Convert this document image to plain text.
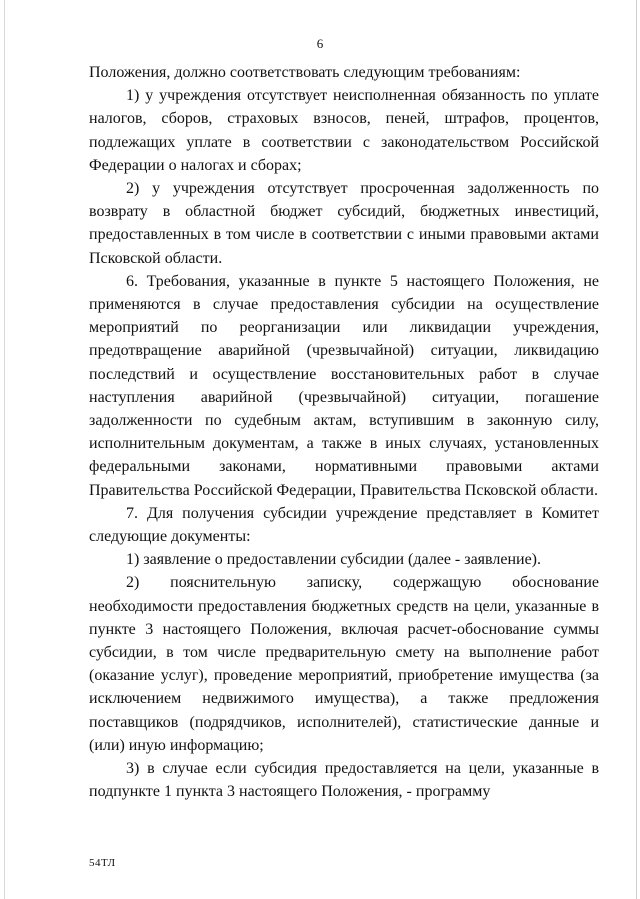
6

Положения, должно соответствовать следующим требованиям:

1) у учреждения отсутствует неисполненная обязанность по уплате налогов, сборов, страховых взносов, пеней, штрафов, процентов, подлежащих уплате в соответствии с законодательством Российской Федерации о налогах и сборах;

2) у учреждения отсутствует просроченная задолженность по возврату в областной бюджет субсидий, бюджетных инвестиций, предоставленных в том числе в соответствии с иными правовыми актами Псковской области.

6. Требования, указанные в пункте 5 настоящего Положения, не применяются в случае предоставления субсидии на осуществление мероприятий по реорганизации или ликвидации учреждения, предотвращение аварийной (чрезвычайной) ситуации, ликвидацию последствий и осуществление восстановительных работ в случае наступления аварийной (чрезвычайной) ситуации, погашение задолженности по судебным актам, вступившим в законную силу, исполнительным документам, а также в иных случаях, установленных федеральными законами, нормативными правовыми актами Правительства Российской Федерации, Правительства Псковской области.

7. Для получения субсидии учреждение представляет в Комитет следующие документы:

1) заявление о предоставлении субсидии (далее - заявление).

2) пояснительную записку, содержащую обоснование необходимости предоставления бюджетных средств на цели, указанные в пункте 3 настоящего Положения, включая расчет-обоснование суммы субсидии, в том числе предварительную смету на выполнение работ (оказание услуг), проведение мероприятий, приобретение имущества (за исключением недвижимого имущества), а также предложения поставщиков (подрядчиков, исполнителей), статистические данные и (или) иную информацию;

3) в случае если субсидия предоставляется на цели, указанные в подпункте 1 пункта 3 настоящего Положения, - программу

54ТЛ
